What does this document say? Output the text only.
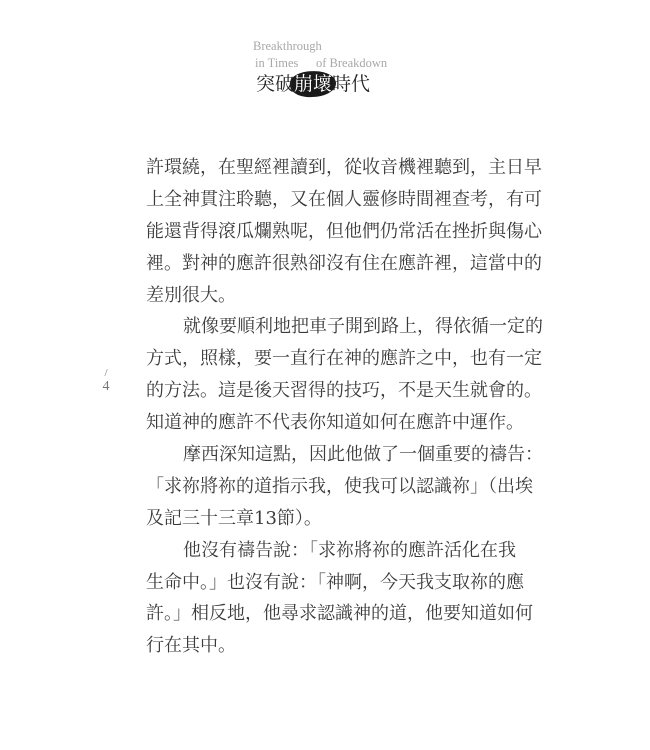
Breakthrough
in Times of Breakdown
突破崩壞時代
/
4
許環繞，在聖經裡讀到，從收音機裡聽到，主日早
上全神貫注聆聽，又在個人靈修時間裡查考，有可
能還背得滾瓜爛熟呢，但他們仍常活在挫折與傷心
裡。對神的應許很熟卻沒有住在應許裡，這當中的
差別很大。
就像要順利地把車子開到路上，得依循一定的
方式，照樣，要一直行在神的應許之中，也有一定
的方法。這是後天習得的技巧，不是天生就會的。
知道神的應許不代表你知道如何在應許中運作。
摩西深知這點，因此他做了一個重要的禱告：
「求祢將祢的道指示我，使我可以認識祢」（出埃
及記三十三章13節）。
他沒有禱告說：「求祢將祢的應許活化在我
生命中。」也沒有說：「神啊，今天我支取祢的應
許。」相反地，他尋求認識神的道，他要知道如何
行在其中。
